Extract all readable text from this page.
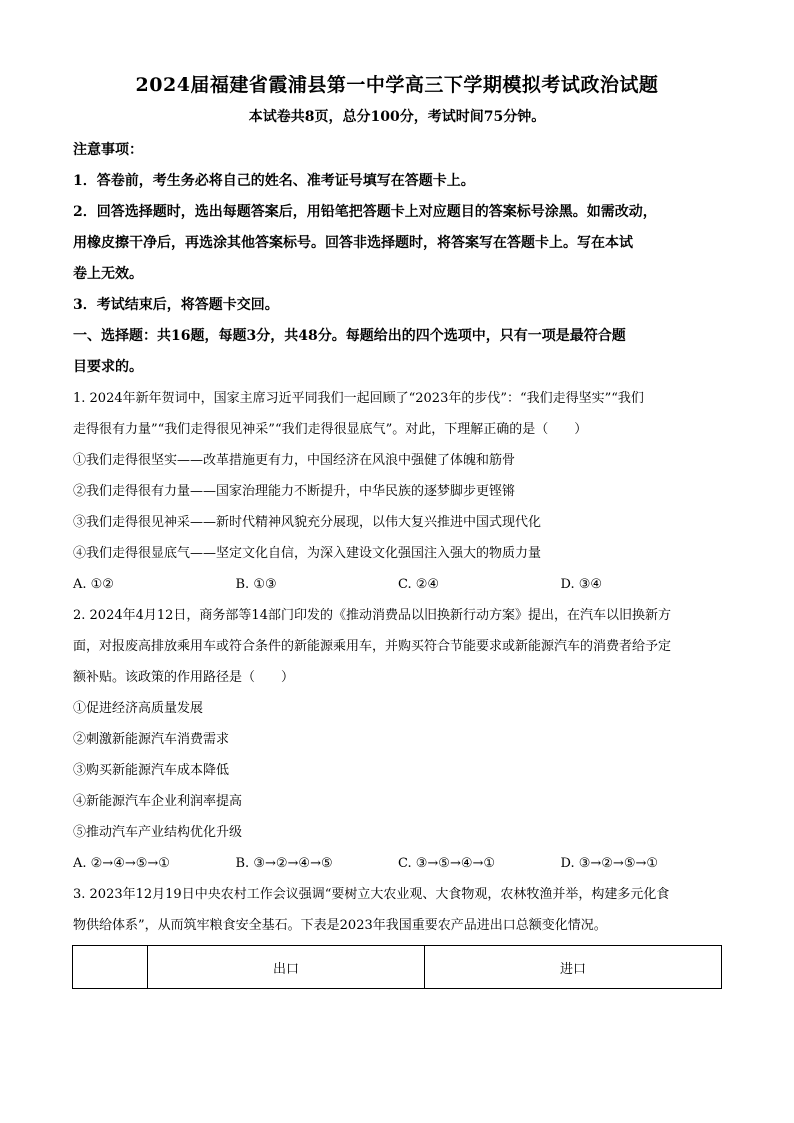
2024届福建省霞浦县第一中学高三下学期模拟考试政治试题
本试卷共8页，总分100分，考试时间75分钟。
注意事项：
1．答卷前，考生务必将自己的姓名、准考证号填写在答题卡上。
2．回答选择题时，选出每题答案后，用铅笔把答题卡上对应题目的答案标号涂黑。如需改动，
用橡皮擦干净后，再选涂其他答案标号。回答非选择题时，将答案写在答题卡上。写在本试
卷上无效。
3．考试结束后，将答题卡交回。
一、选择题：共16题，每题3分，共48分。每题给出的四个选项中，只有一项是最符合题
目要求的。
1. 2024年新年贺词中，国家主席习近平同我们一起回顾了“2023年的步伐”：“我们走得坚实”“我们
走得很有力量”“我们走得很见神采”“我们走得很显底气”。对此，下理解正确的是（　　）
①我们走得很坚实——改革措施更有力，中国经济在风浪中强健了体魄和筋骨
②我们走得很有力量——国家治理能力不断提升，中华民族的逐梦脚步更铿锵
③我们走得很见神采——新时代精神风貌充分展现，以伟大复兴推进中国式现代化
④我们走得很显底气——坚定文化自信，为深入建设文化强国注入强大的物质力量
A. ①②	B. ①③	C. ②④	D. ③④
2. 2024年4月12日，商务部等14部门印发的《推动消费品以旧换新行动方案》提出，在汽车以旧换新方
面，对报废高排放乘用车或符合条件的新能源乘用车，并购买符合节能要求或新能源汽车的消费者给予定
额补贴。该政策的作用路径是（　　）
①促进经济高质量发展
②刺激新能源汽车消费需求
③购买新能源汽车成本降低
④新能源汽车企业利润率提高
⑤推动汽车产业结构优化升级
A. ②→④→⑤→①	B. ③→②→④→⑤	C. ③→⑤→④→①	D. ③→②→⑤→①
3. 2023年12月19日中央农村工作会议强调“要树立大农业观、大食物观，农林牧渔并举，构建多元化食
物供给体系”，从而筑牢粮食安全基石。下表是2023年我国重要农产品进出口总额变化情况。
	出口	进口
